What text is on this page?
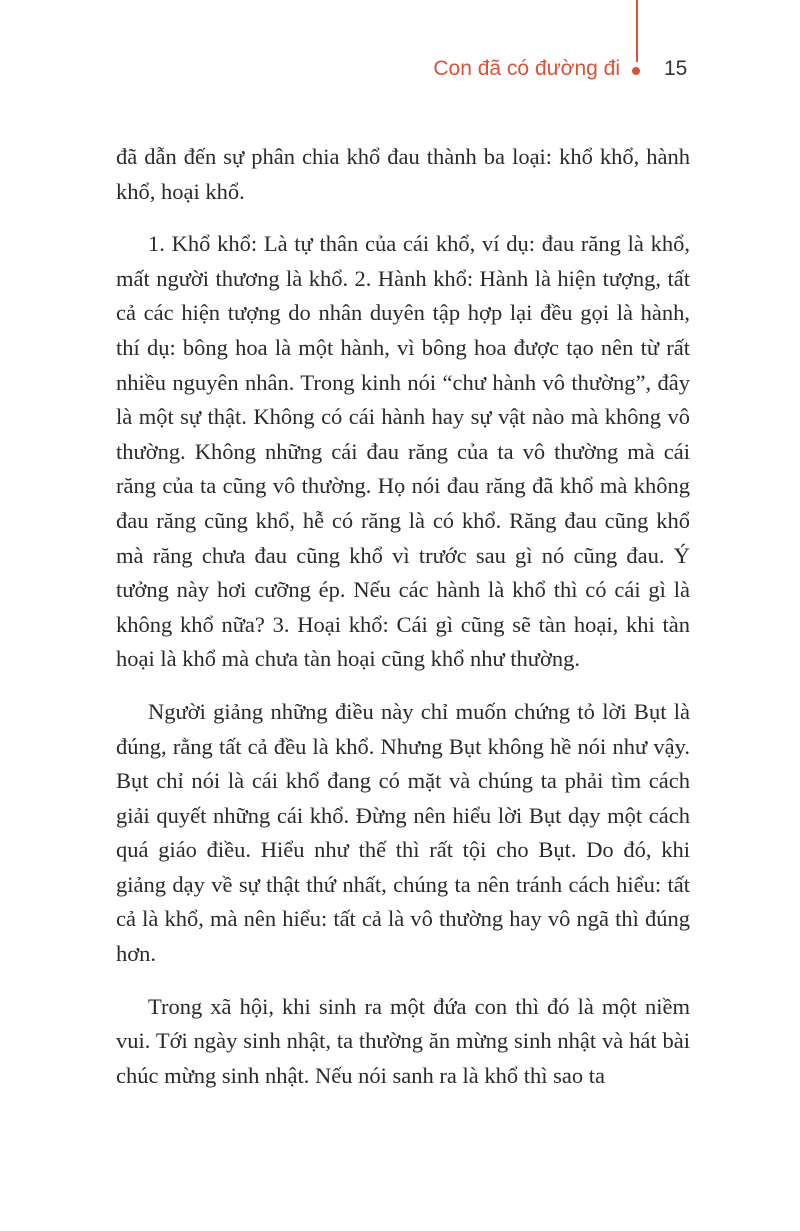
Con đã có đường đi 15

đã dẫn đến sự phân chia khổ đau thành ba loại: khổ khổ, hành khổ, hoại khổ.

1. Khổ khổ: Là tự thân của cái khổ, ví dụ: đau răng là khổ, mất người thương là khổ. 2. Hành khổ: Hành là hiện tượng, tất cả các hiện tượng do nhân duyên tập hợp lại đều gọi là hành, thí dụ: bông hoa là một hành, vì bông hoa được tạo nên từ rất nhiều nguyên nhân. Trong kinh nói “chư hành vô thường”, đây là một sự thật. Không có cái hành hay sự vật nào mà không vô thường. Không những cái đau răng của ta vô thường mà cái răng của ta cũng vô thường. Họ nói đau răng đã khổ mà không đau răng cũng khổ, hễ có răng là có khổ. Răng đau cũng khổ mà răng chưa đau cũng khổ vì trước sau gì nó cũng đau. Ý tưởng này hơi cưỡng ép. Nếu các hành là khổ thì có cái gì là không khổ nữa? 3. Hoại khổ: Cái gì cũng sẽ tàn hoại, khi tàn hoại là khổ mà chưa tàn hoại cũng khổ như thường.

Người giảng những điều này chỉ muốn chứng tỏ lời Bụt là đúng, rằng tất cả đều là khổ. Nhưng Bụt không hề nói như vậy. Bụt chỉ nói là cái khổ đang có mặt và chúng ta phải tìm cách giải quyết những cái khổ. Đừng nên hiểu lời Bụt dạy một cách quá giáo điều. Hiểu như thế thì rất tội cho Bụt. Do đó, khi giảng dạy về sự thật thứ nhất, chúng ta nên tránh cách hiểu: tất cả là khổ, mà nên hiểu: tất cả là vô thường hay vô ngã thì đúng hơn.

Trong xã hội, khi sinh ra một đứa con thì đó là một niềm vui. Tới ngày sinh nhật, ta thường ăn mừng sinh nhật và hát bài chúc mừng sinh nhật. Nếu nói sanh ra là khổ thì sao ta
